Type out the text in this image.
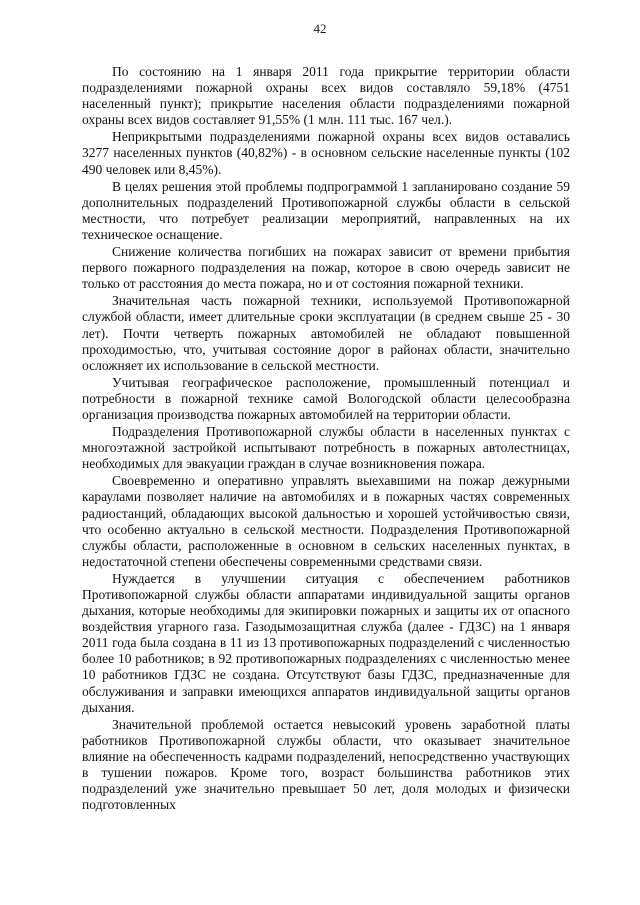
42

По состоянию на 1 января 2011 года прикрытие территории области подразделениями пожарной охраны всех видов составляло 59,18% (4751 населенный пункт); прикрытие населения области подразделениями пожарной охраны всех видов составляет 91,55% (1 млн. 111 тыс. 167 чел.).

Неприкрытыми подразделениями пожарной охраны всех видов оставались 3277 населенных пунктов (40,82%) - в основном сельские населенные пункты (102 490 человек или 8,45%).

В целях решения этой проблемы подпрограммой 1 запланировано создание 59 дополнительных подразделений Противопожарной службы области в сельской местности, что потребует реализации мероприятий, направленных на их техническое оснащение.

Снижение количества погибших на пожарах зависит от времени прибытия первого пожарного подразделения на пожар, которое в свою очередь зависит не только от расстояния до места пожара, но и от состояния пожарной техники.

Значительная часть пожарной техники, используемой Противопожарной службой области, имеет длительные сроки эксплуатации (в среднем свыше 25 - 30 лет). Почти четверть пожарных автомобилей не обладают повышенной проходимостью, что, учитывая состояние дорог в районах области, значительно осложняет их использование в сельской местности.

Учитывая географическое расположение, промышленный потенциал и потребности в пожарной технике самой Вологодской области целесообразна организация производства пожарных автомобилей на территории области.

Подразделения Противопожарной службы области в населенных пунктах с многоэтажной застройкой испытывают потребность в пожарных автолестницах, необходимых для эвакуации граждан в случае возникновения пожара.

Своевременно и оперативно управлять выехавшими на пожар дежурными караулами позволяет наличие на автомобилях и в пожарных частях современных радиостанций, обладающих высокой дальностью и хорошей устойчивостью связи, что особенно актуально в сельской местности. Подразделения Противопожарной службы области, расположенные в основном в сельских населенных пунктах, в недостаточной степени обеспечены современными средствами связи.

Нуждается в улучшении ситуация с обеспечением работников Противопожарной службы области аппаратами индивидуальной защиты органов дыхания, которые необходимы для экипировки пожарных и защиты их от опасного воздействия угарного газа. Газодымозащитная служба (далее - ГДЗС) на 1 января 2011 года была создана в 11 из 13 противопожарных подразделений с численностью более 10 работников; в 92 противопожарных подразделениях с численностью менее 10 работников ГДЗС не создана. Отсутствуют базы ГДЗС, предназначенные для обслуживания и заправки имеющихся аппаратов индивидуальной защиты органов дыхания.

Значительной проблемой остается невысокий уровень заработной платы работников Противопожарной службы области, что оказывает значительное влияние на обеспеченность кадрами подразделений, непосредственно участвующих в тушении пожаров. Кроме того, возраст большинства работников этих подразделений уже значительно превышает 50 лет, доля молодых и физически подготовленных
